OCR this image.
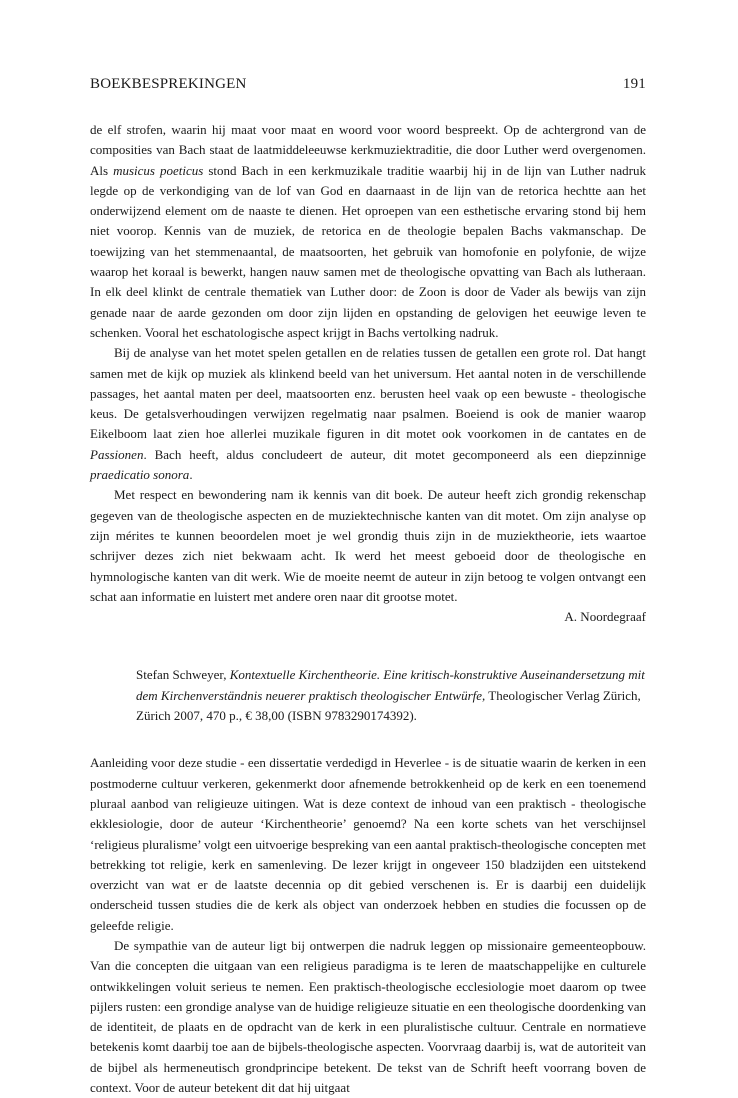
BOEKBESPREKINGEN	191

de elf strofen, waarin hij maat voor maat en woord voor woord bespreekt. Op de achtergrond van de composities van Bach staat de laatmiddeleeuwse kerkmuziektraditie, die door Luther werd overgenomen. Als musicus poeticus stond Bach in een kerkmuzikale traditie waarbij hij in de lijn van Luther nadruk legde op de verkondiging van de lof van God en daarnaast in de lijn van de retorica hechtte aan het onderwijzend element om de naaste te dienen. Het oproepen van een esthetische ervaring stond bij hem niet voorop. Kennis van de muziek, de retorica en de theologie bepalen Bachs vakmanschap. De toewijzing van het stemmenaantal, de maatsoorten, het gebruik van homofonie en polyfonie, de wijze waarop het koraal is bewerkt, hangen nauw samen met de theologische opvatting van Bach als lutheraan. In elk deel klinkt de centrale thematiek van Luther door: de Zoon is door de Vader als bewijs van zijn genade naar de aarde gezonden om door zijn lijden en opstanding de gelovigen het eeuwige leven te schenken. Vooral het eschatologische aspect krijgt in Bachs vertolking nadruk.

Bij de analyse van het motet spelen getallen en de relaties tussen de getallen een grote rol. Dat hangt samen met de kijk op muziek als klinkend beeld van het universum. Het aantal noten in de verschillende passages, het aantal maten per deel, maatsoorten enz. berusten heel vaak op een bewuste - theologische keus. De getalsverhoudingen verwijzen regelmatig naar psalmen. Boeiend is ook de manier waarop Eikelboom laat zien hoe allerlei muzikale figuren in dit motet ook voorkomen in de cantates en de Passionen. Bach heeft, aldus concludeert de auteur, dit motet gecomponeerd als een diepzinnige praedicatio sonora.

Met respect en bewondering nam ik kennis van dit boek. De auteur heeft zich grondig rekenschap gegeven van de theologische aspecten en de muziektechnische kanten van dit motet. Om zijn analyse op zijn mérites te kunnen beoordelen moet je wel grondig thuis zijn in de muziektheorie, iets waartoe schrijver dezes zich niet bekwaam acht. Ik werd het meest geboeid door de theologische en hymnologische kanten van dit werk. Wie de moeite neemt de auteur in zijn betoog te volgen ontvangt een schat aan informatie en luistert met andere oren naar dit grootse motet.

A. Noordegraaf

Stefan Schweyer, Kontextuelle Kirchentheorie. Eine kritisch-konstruktive Auseinandersetzung mit dem Kirchenverständnis neuerer praktisch theologischer Entwürfe, Theologischer Verlag Zürich, Zürich 2007, 470 p., € 38,00 (ISBN 9783290174392).

Aanleiding voor deze studie - een dissertatie verdedigd in Heverlee - is de situatie waarin de kerken in een postmoderne cultuur verkeren, gekenmerkt door afnemende betrokkenheid op de kerk en een toenemend pluraal aanbod van religieuze uitingen. Wat is deze context de inhoud van een praktisch - theologische ekklesiologie, door de auteur ‘Kirchentheorie’ genoemd? Na een korte schets van het verschijnsel ‘religieus pluralisme’ volgt een uitvoerige bespreking van een aantal praktisch-theologische concepten met betrekking tot religie, kerk en samenleving. De lezer krijgt in ongeveer 150 bladzijden een uitstekend overzicht van wat er de laatste decennia op dit gebied verschenen is. Er is daarbij een duidelijk onderscheid tussen studies die de kerk als object van onderzoek hebben en studies die focussen op de geleefde religie.

De sympathie van de auteur ligt bij ontwerpen die nadruk leggen op missionaire gemeenteopbouw. Van die concepten die uitgaan van een religieus paradigma is te leren de maatschappelijke en culturele ontwikkelingen voluit serieus te nemen. Een praktisch-theologische ecclesiologie moet daarom op twee pijlers rusten: een grondige analyse van de huidige religieuze situatie en een theologische doordenking van de identiteit, de plaats en de opdracht van de kerk in een pluralistische cultuur. Centrale en normatieve betekenis komt daarbij toe aan de bijbels-theologische aspecten. Voorvraag daarbij is, wat de autoriteit van de bijbel als hermeneutisch grondprincipe betekent. De tekst van de Schrift heeft voorrang boven de context. Voor de auteur betekent dit dat hij uitgaat
